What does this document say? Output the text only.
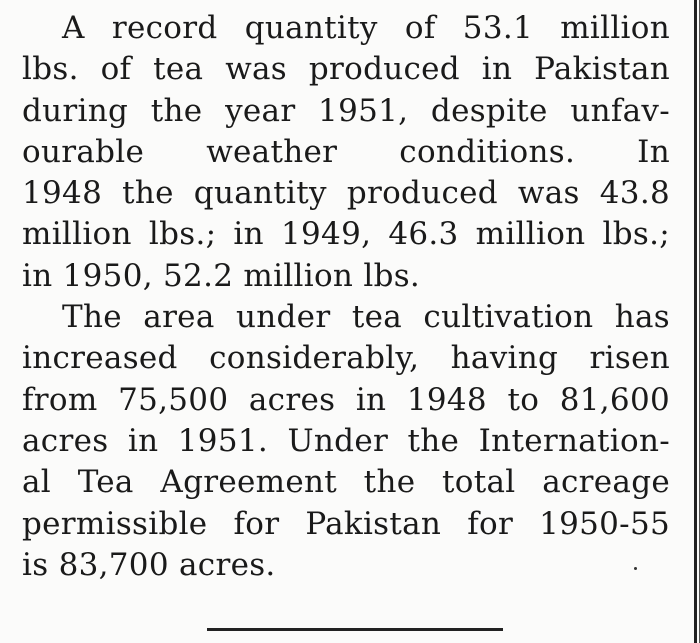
A record quantity of 53.1 million
lbs. of tea was produced in Pakistan
during the year 1951, despite unfav-
ourable weather conditions. In
1948 the quantity produced was 43.8
million lbs.; in 1949, 46.3 million lbs.;
in 1950, 52.2 million lbs.
The area under tea cultivation has
increased considerably, having risen
from 75,500 acres in 1948 to 81,600
acres in 1951. Under the Internation-
al Tea Agreement the total acreage
permissible for Pakistan for 1950-55
is 83,700 acres.
